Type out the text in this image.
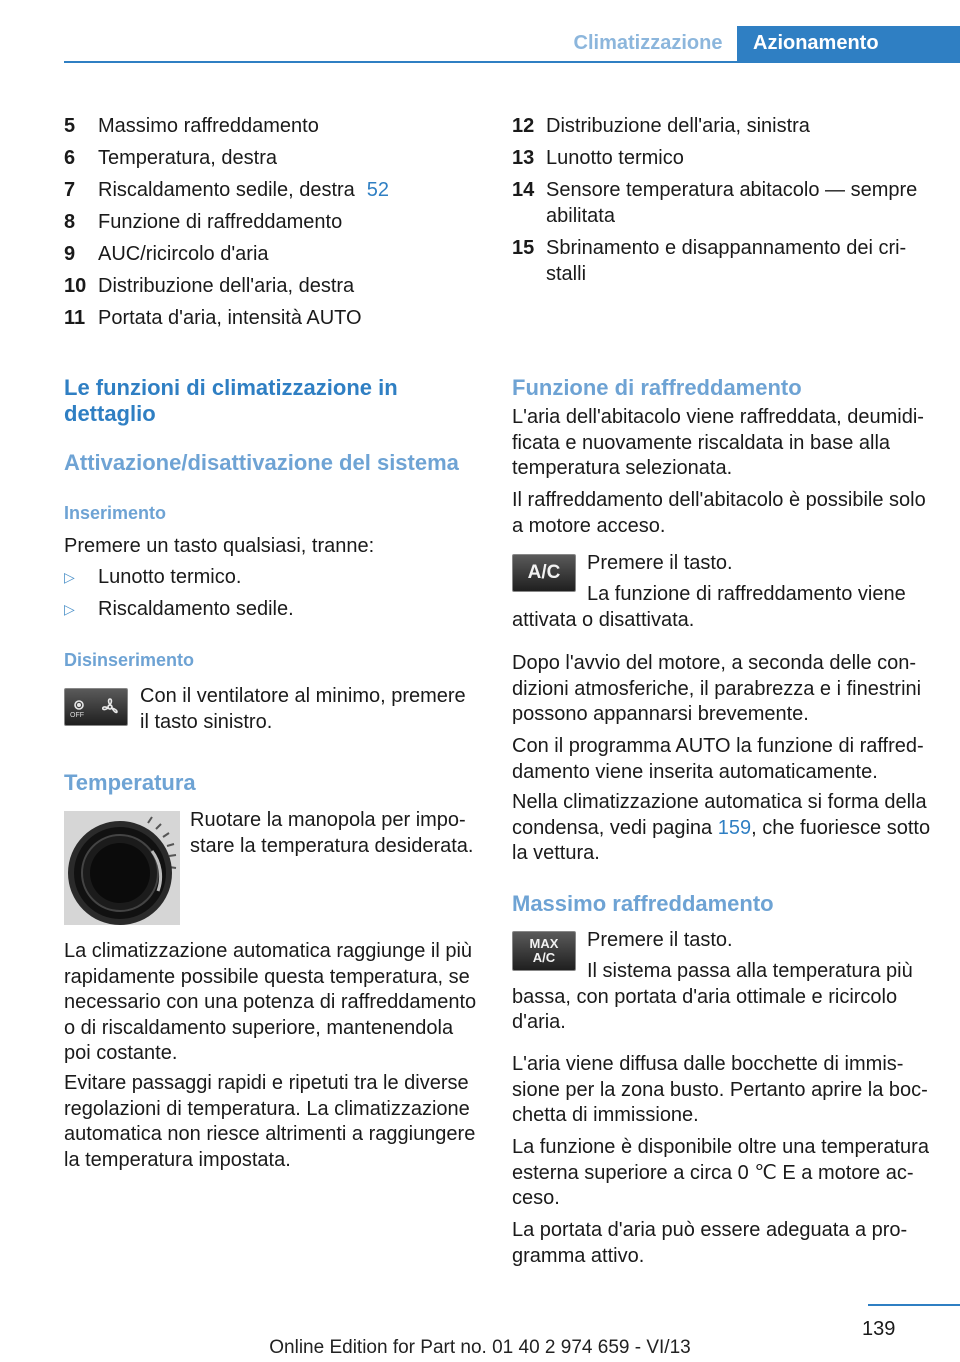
Climatizzazione	Azionamento
5	Massimo raffreddamento
6	Temperatura, destra
7	Riscaldamento sedile, destra 52
8	Funzione di raffreddamento
9	AUC/ricircolo d'aria
10 Distribuzione dell'aria, destra
11 Portata d'aria, intensità AUTO
12 Distribuzione dell'aria, sinistra
13 Lunotto termico
14 Sensore temperatura abitacolo — sempre abilitata
15 Sbrinamento e disappannamento dei cri-stalli
Le funzioni di climatizzazione in dettaglio
Attivazione/disattivazione del sistema
Inserimento
Premere un tasto qualsiasi, tranne:
▷	Lunotto termico.
▷	Riscaldamento sedile.
Disinserimento
OFF
Con il ventilatore al minimo, premere il tasto sinistro.
Temperatura
Ruotare la manopola per impo-stare la temperatura desiderata.
La climatizzazione automatica raggiunge il più rapidamente possibile questa temperatura, se necessario con una potenza di raffreddamento o di riscaldamento superiore, mantenendola poi costante.
Evitare passaggi rapidi e ripetuti tra le diverse regolazioni di temperatura. La climatizzazione automatica non riesce altrimenti a raggiungere la temperatura impostata.
Funzione di raffreddamento
L'aria dell'abitacolo viene raffreddata, deumidi-ficata e nuovamente riscaldata in base alla temperatura selezionata.
Il raffreddamento dell'abitacolo è possibile solo a motore acceso.
A/C	Premere il tasto.
La funzione di raffreddamento viene attivata o disattivata.
Dopo l'avvio del motore, a seconda delle con-dizioni atmosferiche, il parabrezza e i finestrini possono appannarsi brevemente.
Con il programma AUTO la funzione di raffred-damento viene inserita automaticamente.
Nella climatizzazione automatica si forma della condensa, vedi pagina 159, che fuoriesce sotto la vettura.
Massimo raffreddamento
MAX
A/C
Premere il tasto.
Il sistema passa alla temperatura più bassa, con portata d'aria ottimale e ricircolo d'aria.
L'aria viene diffusa dalle bocchette di immis-sione per la zona busto. Pertanto aprire la boc-chetta di immissione.
La funzione è disponibile oltre una temperatura esterna superiore a circa 0 ℃ E a motore ac-ceso.
La portata d'aria può essere adeguata a pro-gramma attivo.
139
Online Edition for Part no. 01 40 2 974 659 - VI/13
